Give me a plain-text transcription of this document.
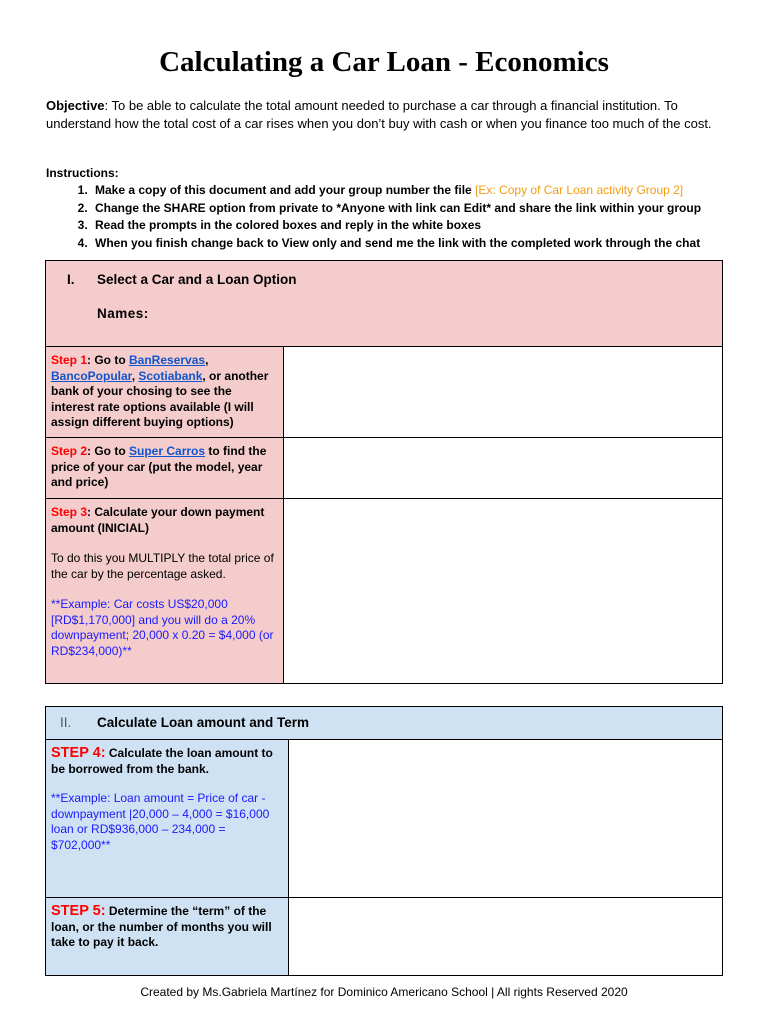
Calculating a Car Loan - Economics
Objective: To be able to calculate the total amount needed to purchase a car through a financial institution. To understand how the total cost of a car rises when you don’t buy with cash or when you finance too much of the cost.
Instructions:
1. Make a copy of this document and add your group number the file [Ex: Copy of Car Loan activity Group 2]
2. Change the SHARE option from private to *Anyone with link can Edit* and share the link within your group
3. Read the prompts in the colored boxes and reply in the white boxes
4. When you finish change back to View only and send me the link with the completed work through the chat
I. Select a Car and a Loan Option
Names:
Step 1: Go to BanReservas,
BancoPopular, Scotiabank, or another bank of your chosing to see the interest rate options available (I will assign different buying options)
Step 2: Go to Super Carros to find the price of your car (put the model, year and price)
Step 3: Calculate your down payment amount (INICIAL)
To do this you MULTIPLY the total price of the car by the percentage asked.
**Example: Car costs US$20,000 [RD$1,170,000] and you will do a 20% downpayment; 20,000 x 0.20 = $4,000 (or RD$234,000)**
II. Calculate Loan amount and Term
STEP 4: Calculate the loan amount to be borrowed from the bank.
**Example: Loan amount = Price of car - downpayment |20,000 – 4,000 = $16,000 loan or RD$936,000 – 234,000 = $702,000**
STEP 5: Determine the “term” of the loan, or the number of months you will take to pay it back.
Created by Ms.Gabriela Martínez for Dominico Americano School | All rights Reserved 2020
